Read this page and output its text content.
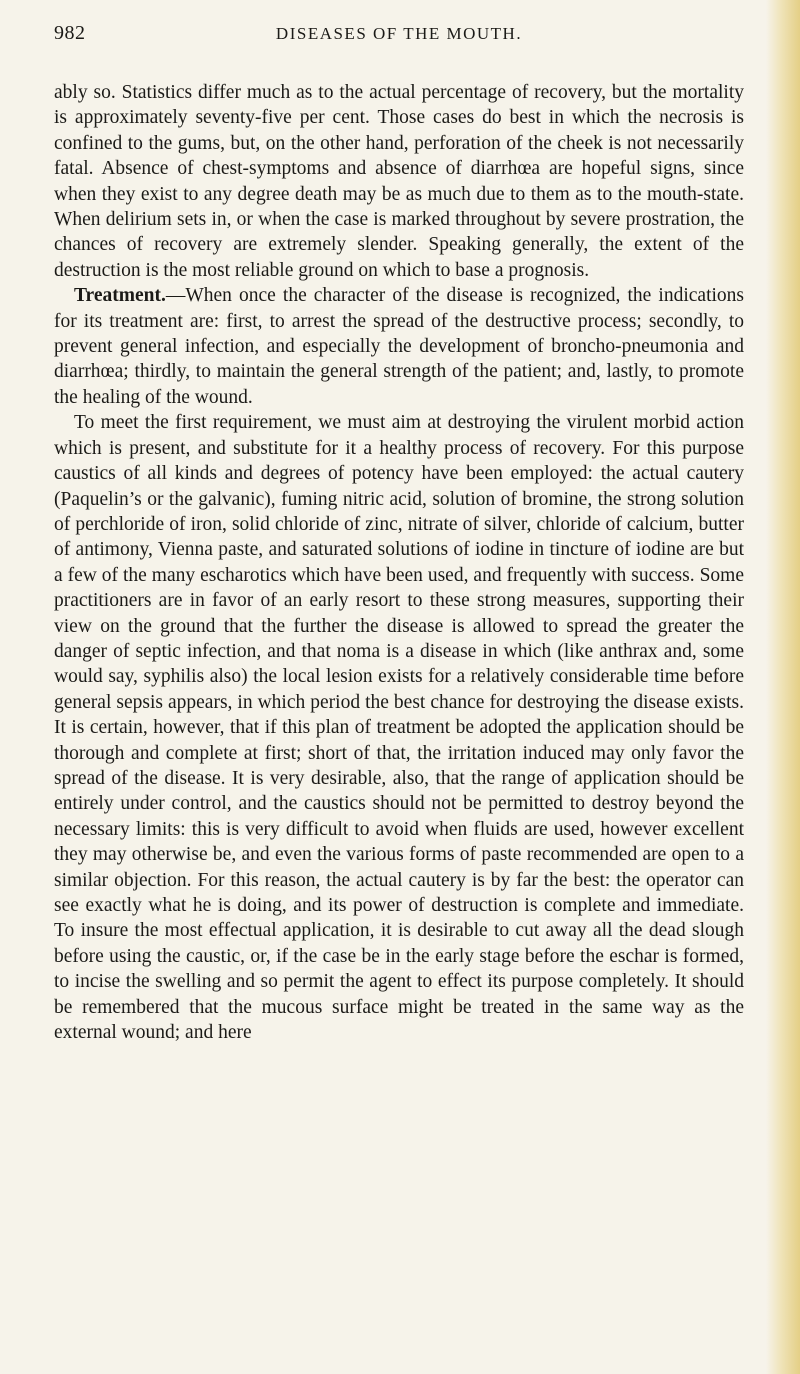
982	DISEASES OF THE MOUTH.

ably so. Statistics differ much as to the actual percentage of recovery, but the mortality is approximately seventy-five per cent. Those cases do best in which the necrosis is confined to the gums, but, on the other hand, perforation of the cheek is not necessarily fatal. Absence of chest-symptoms and absence of diarrhœa are hopeful signs, since when they exist to any degree death may be as much due to them as to the mouth-state. When delirium sets in, or when the case is marked throughout by severe prostration, the chances of recovery are extremely slender. Speaking generally, the extent of the destruction is the most reliable ground on which to base a prognosis.

Treatment.—When once the character of the disease is recognized, the indications for its treatment are: first, to arrest the spread of the destructive process; secondly, to prevent general infection, and especially the development of broncho-pneumonia and diarrhœa; thirdly, to maintain the general strength of the patient; and, lastly, to promote the healing of the wound.

To meet the first requirement, we must aim at destroying the virulent morbid action which is present, and substitute for it a healthy process of recovery. For this purpose caustics of all kinds and degrees of potency have been employed: the actual cautery (Paquelin’s or the galvanic), fuming nitric acid, solution of bromine, the strong solution of perchloride of iron, solid chloride of zinc, nitrate of silver, chloride of calcium, butter of antimony, Vienna paste, and saturated solutions of iodine in tincture of iodine are but a few of the many escharotics which have been used, and frequently with success. Some practitioners are in favor of an early resort to these strong measures, supporting their view on the ground that the further the disease is allowed to spread the greater the danger of septic infection, and that noma is a disease in which (like anthrax and, some would say, syphilis also) the local lesion exists for a relatively considerable time before general sepsis appears, in which period the best chance for destroying the disease exists. It is certain, however, that if this plan of treatment be adopted the application should be thorough and complete at first; short of that, the irritation induced may only favor the spread of the disease. It is very desirable, also, that the range of application should be entirely under control, and the caustics should not be permitted to destroy beyond the necessary limits: this is very difficult to avoid when fluids are used, however excellent they may otherwise be, and even the various forms of paste recommended are open to a similar objection. For this reason, the actual cautery is by far the best: the operator can see exactly what he is doing, and its power of destruction is complete and immediate. To insure the most effectual application, it is desirable to cut away all the dead slough before using the caustic, or, if the case be in the early stage before the eschar is formed, to incise the swelling and so permit the agent to effect its purpose completely. It should be remembered that the mucous surface might be treated in the same way as the external wound; and here
